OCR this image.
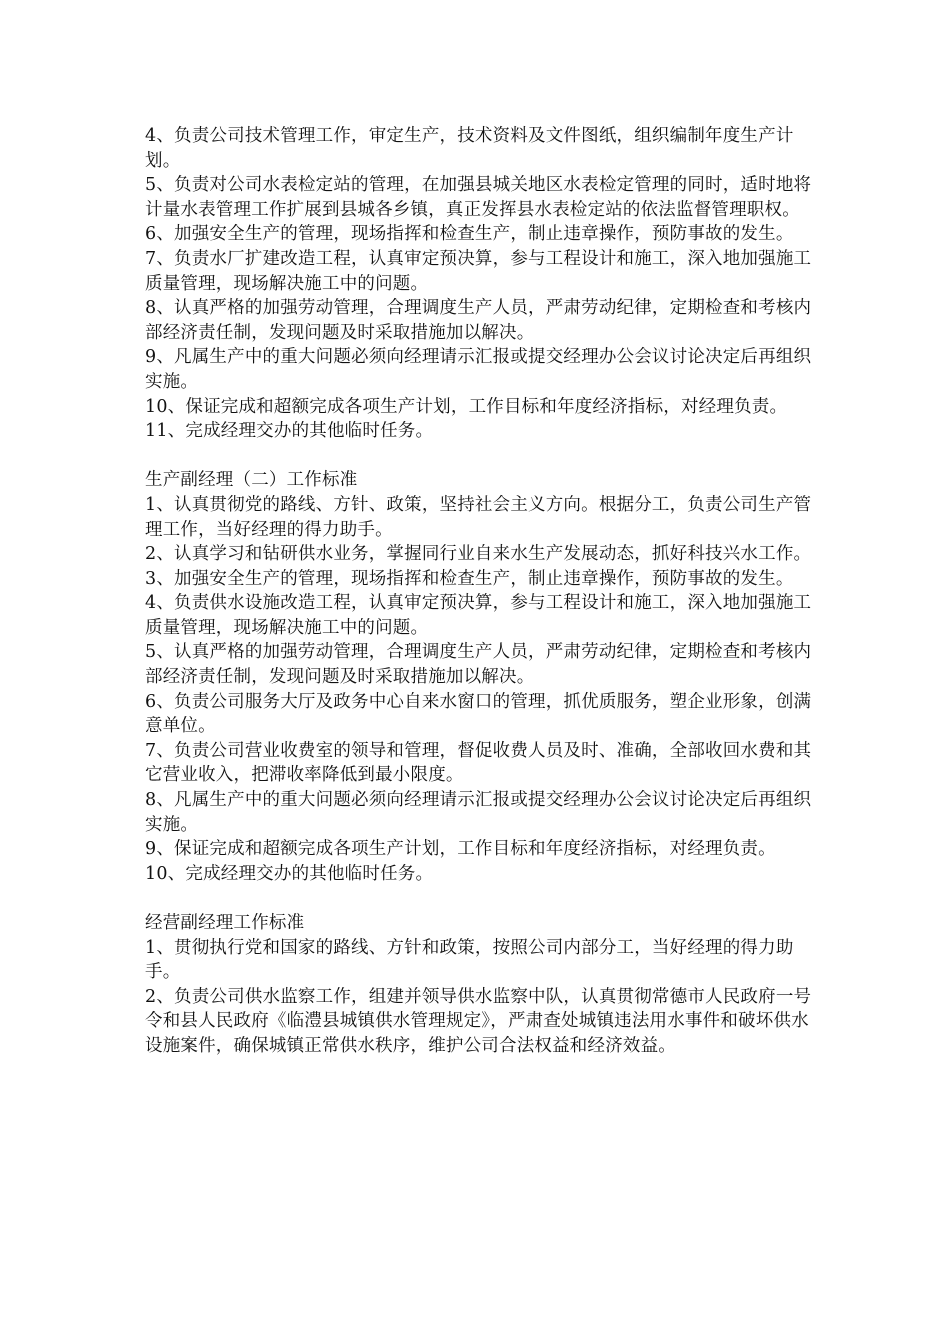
4、负责公司技术管理工作，审定生产，技术资料及文件图纸，组织编制年度生产计划。

5、负责对公司水表检定站的管理，在加强县城关地区水表检定管理的同时，适时地将计量水表管理工作扩展到县城各乡镇，真正发挥县水表检定站的依法监督管理职权。

6、加强安全生产的管理，现场指挥和检查生产，制止违章操作，预防事故的发生。

7、负责水厂扩建改造工程，认真审定预决算，参与工程设计和施工，深入地加强施工质量管理，现场解决施工中的问题。

8、认真严格的加强劳动管理，合理调度生产人员，严肃劳动纪律，定期检查和考核内部经济责任制，发现问题及时采取措施加以解决。

9、凡属生产中的重大问题必须向经理请示汇报或提交经理办公会议讨论决定后再组织实施。

10、保证完成和超额完成各项生产计划，工作目标和年度经济指标，对经理负责。

11、完成经理交办的其他临时任务。

生产副经理（二）工作标准

1、认真贯彻党的路线、方针、政策，坚持社会主义方向。根据分工，负责公司生产管理工作，当好经理的得力助手。

2、认真学习和钻研供水业务，掌握同行业自来水生产发展动态，抓好科技兴水工作。

3、加强安全生产的管理，现场指挥和检查生产，制止违章操作，预防事故的发生。

4、负责供水设施改造工程，认真审定预决算，参与工程设计和施工，深入地加强施工质量管理，现场解决施工中的问题。

5、认真严格的加强劳动管理，合理调度生产人员，严肃劳动纪律，定期检查和考核内部经济责任制，发现问题及时采取措施加以解决。

6、负责公司服务大厅及政务中心自来水窗口的管理，抓优质服务，塑企业形象，创满意单位。

7、负责公司营业收费室的领导和管理，督促收费人员及时、准确，全部收回水费和其它营业收入，把滞收率降低到最小限度。

8、凡属生产中的重大问题必须向经理请示汇报或提交经理办公会议讨论决定后再组织实施。

9、保证完成和超额完成各项生产计划，工作目标和年度经济指标，对经理负责。

10、完成经理交办的其他临时任务。

经营副经理工作标准

1、贯彻执行党和国家的路线、方针和政策，按照公司内部分工，当好经理的得力助手。

2、负责公司供水监察工作，组建并领导供水监察中队，认真贯彻常德市人民政府一号令和县人民政府《临澧县城镇供水管理规定》，严肃查处城镇违法用水事件和破坏供水设施案件，确保城镇正常供水秩序，维护公司合法权益和经济效益。
